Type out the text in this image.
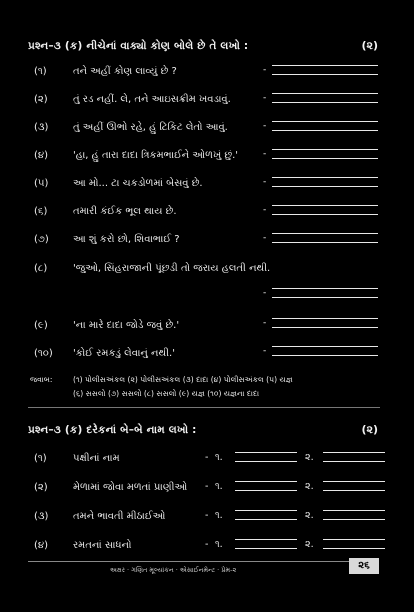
પ્રશ્ન–૩ (ક) નીચેનાં વાક્યો કોણ બોલે છે તે લખો :	(૨)
(૧)	તને અહીં કોણ લાવ્યું છે ?	-
(૨)	તું રડ નહીં. લે, તને આઇસક્રીમ ખવડાવું.	-
(૩)	તું અહીં ઊભો રહે, હું ટિકિટ લેતો આવું.	-
(૪)	'હા, હું તારા દાદા ત્રિકમભાઈને ઓળખું છું.'	-
(૫)	આ મો... ટા ચકડોળમાં બેસવું છે.	-
(૬)	તમારી કંઈક ભૂલ થાય છે.	-
(૭)	આ શું કરો છો, શિવાભાઈ ?	-
(૮)	'જુઓ, સિંહરાજાની પૂંછડી તો જરાય હલતી નથી.
-
(૯)	'ના મારે દાદા જોડે જવું છે.'	-
(૧૦)	'કોઈ રમકડું લેવાનું નથી.'	-
જવાબ:	(૧) પોલીસઅંકલ (૨) પોલીસઅંકલ (૩) દાદા (૪) પોલીસઅંકલ (૫) યજ્ઞ
(૬) સસલો (૭) સસલો (૮) સસલો (૯) યજ્ઞ (૧૦) યજ્ઞના દાદા
પ્રશ્ન–૩ (ક) દરેકનાં બે–બે નામ લખો :	(૨)
(૧)	પક્ષીનાં નામ	- ૧.	૨.
(૨)	મેળામાં જોવા મળતાં પ્રાણીઓ - ૧.	૨.
(૩)	તમને ભાવતી મીઠાઈઓ	- ૧.	૨.
(૪)	રમતનાં સાધનો	- ૧.	૨.
અક્ષર · ગણિત મૂલ્યાંકન · એસાઈનમેન્ટ · પ્રેમ-૨	૨૬
